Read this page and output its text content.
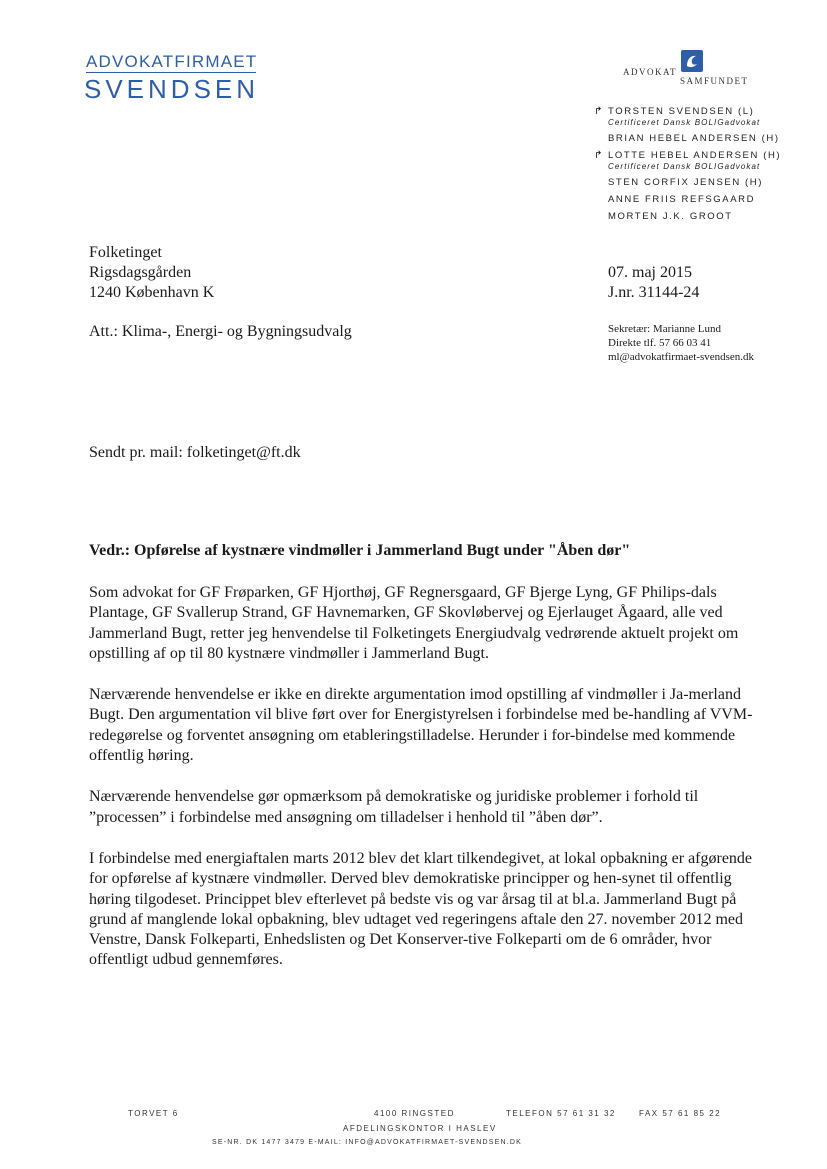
ADVOKATFIRMAET
SVENDSEN
ADVOKAT
SAMFUNDET
↱ TORSTEN SVENDSEN (L)
Certificeret Dansk BOLIGadvokat
BRIAN HEBEL ANDERSEN (H)
↱ LOTTE HEBEL ANDERSEN (H)
Certificeret Dansk BOLIGadvokat
STEN CORFIX JENSEN (H)
ANNE FRIIS REFSGAARD
MORTEN J.K. GROOT
Folketinget
Rigsdagsgården
1240 København K
Att.: Klima-, Energi- og Bygningsudvalg
07. maj 2015
J.nr. 31144-24
Sekretær: Marianne Lund
Direkte tlf. 57 66 03 41
ml@advokatfirmaet-svendsen.dk
Sendt pr. mail: folketinget@ft.dk
Vedr.: Opførelse af kystnære vindmøller i Jammerland Bugt under "Åben dør"

Som advokat for GF Frøparken, GF Hjorthøj, GF Regnersgaard, GF Bjerge Lyng, GF Philips-dals Plantage, GF Svallerup Strand, GF Havnemarken, GF Skovløbervej og Ejerlauget Ågaard, alle ved Jammerland Bugt, retter jeg henvendelse til Folketingets Energiudvalg vedrørende aktuelt projekt om opstilling af op til 80 kystnære vindmøller i Jammerland Bugt.

Nærværende henvendelse er ikke en direkte argumentation imod opstilling af vindmøller i Ja-merland Bugt. Den argumentation vil blive ført over for Energistyrelsen i forbindelse med be-handling af VVM-redegørelse og forventet ansøgning om etableringstilladelse. Herunder i for-bindelse med kommende offentlig høring.

Nærværende henvendelse gør opmærksom på demokratiske og juridiske problemer i forhold til ”processen” i forbindelse med ansøgning om tilladelser i henhold til ”åben dør”.

I forbindelse med energiaftalen marts 2012 blev det klart tilkendegivet, at lokal opbakning er afgørende for opførelse af kystnære vindmøller. Derved blev demokratiske principper og hen-synet til offentlig høring tilgodeset. Princippet blev efterlevet på bedste vis og var årsag til at bl.a. Jammerland Bugt på grund af manglende lokal opbakning, blev udtaget ved regeringens aftale den 27. november 2012 med Venstre, Dansk Folkeparti, Enhedslisten og Det Konserver-tive Folkeparti om de 6 områder, hvor offentligt udbud gennemføres.

TORVET 6	4100 RINGSTED	TELEFON 57 61 31 32	FAX 57 61 85 22
AFDELINGSKONTOR I HASLEV
SE-NR. DK 1477 3479 E-MAIL: INFO@ADVOKATFIRMAET-SVENDSEN.DK
